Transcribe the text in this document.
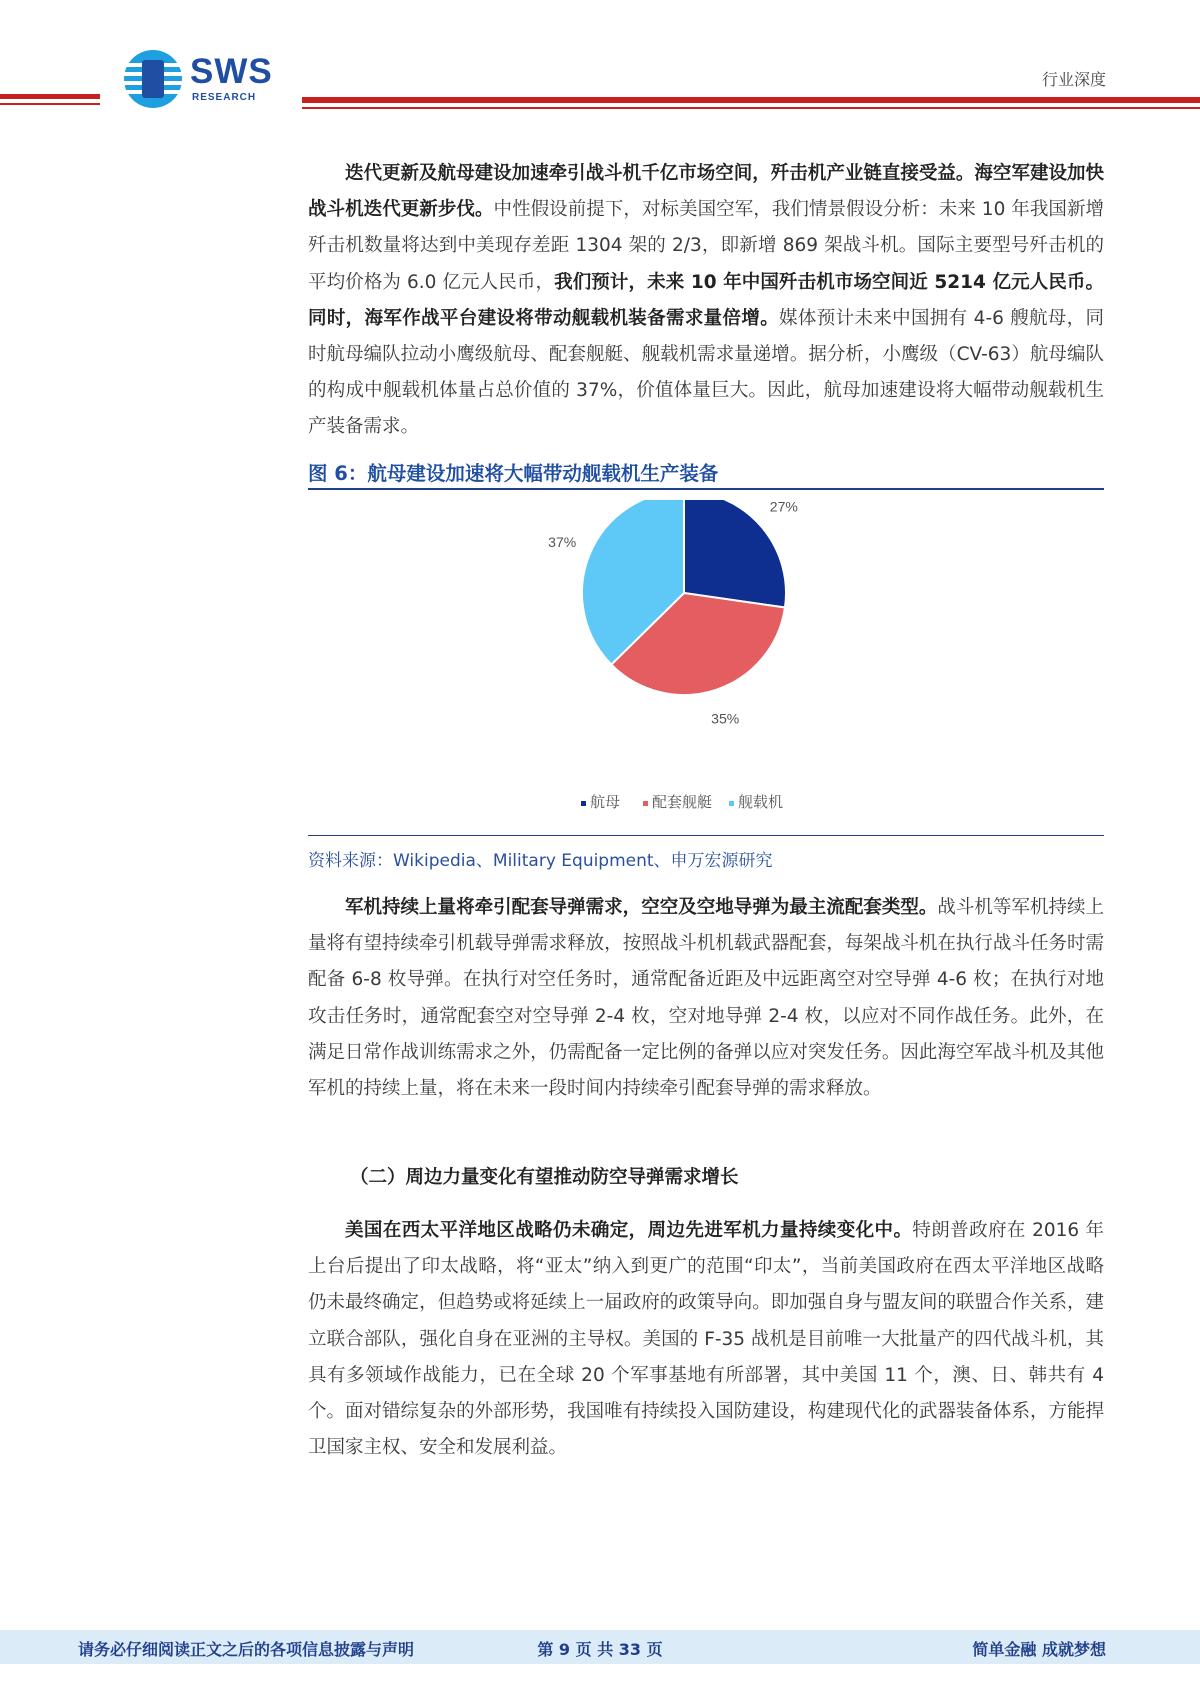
SWS
RESEARCH
行业深度

迭代更新及航母建设加速牵引战斗机千亿市场空间，歼击机产业链直接受益。海空军建设加快战斗机迭代更新步伐。中性假设前提下，对标美国空军，我们情景假设分析：未来 10 年我国新增歼击机数量将达到中美现存差距 1304 架的 2/3，即新增 869 架战斗机。国际主要型号歼击机的平均价格为 6.0 亿元人民币，我们预计，未来 10 年中国歼击机市场空间近 5214 亿元人民币。同时，海军作战平台建设将带动舰载机装备需求量倍增。媒体预计未来中国拥有 4-6 艘航母，同时航母编队拉动小鹰级航母、配套舰艇、舰载机需求量递增。据分析，小鹰级（CV-63）航母编队的构成中舰载机体量占总价值的 37%，价值体量巨大。因此，航母加速建设将大幅带动舰载机生产装备需求。

图 6：航母建设加速将大幅带动舰载机生产装备
27%
35%
37%
航母 配套舰艇 舰载机
资料来源：Wikipedia、Military Equipment、申万宏源研究

军机持续上量将牵引配套导弹需求，空空及空地导弹为最主流配套类型。战斗机等军机持续上量将有望持续牵引机载导弹需求释放，按照战斗机机载武器配套，每架战斗机在执行战斗任务时需配备 6-8 枚导弹。在执行对空任务时，通常配备近距及中远距离空对空导弹 4-6 枚；在执行对地攻击任务时，通常配套空对空导弹 2-4 枚，空对地导弹 2-4 枚，以应对不同作战任务。此外，在满足日常作战训练需求之外，仍需配备一定比例的备弹以应对突发任务。因此海空军战斗机及其他军机的持续上量，将在未来一段时间内持续牵引配套导弹的需求释放。

（二）周边力量变化有望推动防空导弹需求增长

美国在西太平洋地区战略仍未确定，周边先进军机力量持续变化中。特朗普政府在 2016 年上台后提出了印太战略，将“亚太”纳入到更广的范围“印太”，当前美国政府在西太平洋地区战略仍未最终确定，但趋势或将延续上一届政府的政策导向。即加强自身与盟友间的联盟合作关系，建立联合部队，强化自身在亚洲的主导权。美国的 F-35 战机是目前唯一大批量产的四代战斗机，其具有多领域作战能力，已在全球 20 个军事基地有所部署，其中美国 11 个，澳、日、韩共有 4 个。面对错综复杂的外部形势，我国唯有持续投入国防建设，构建现代化的武器装备体系，方能捍卫国家主权、安全和发展利益。

请务必仔细阅读正文之后的各项信息披露与声明	第 9 页 共 33 页	简单金融 成就梦想
